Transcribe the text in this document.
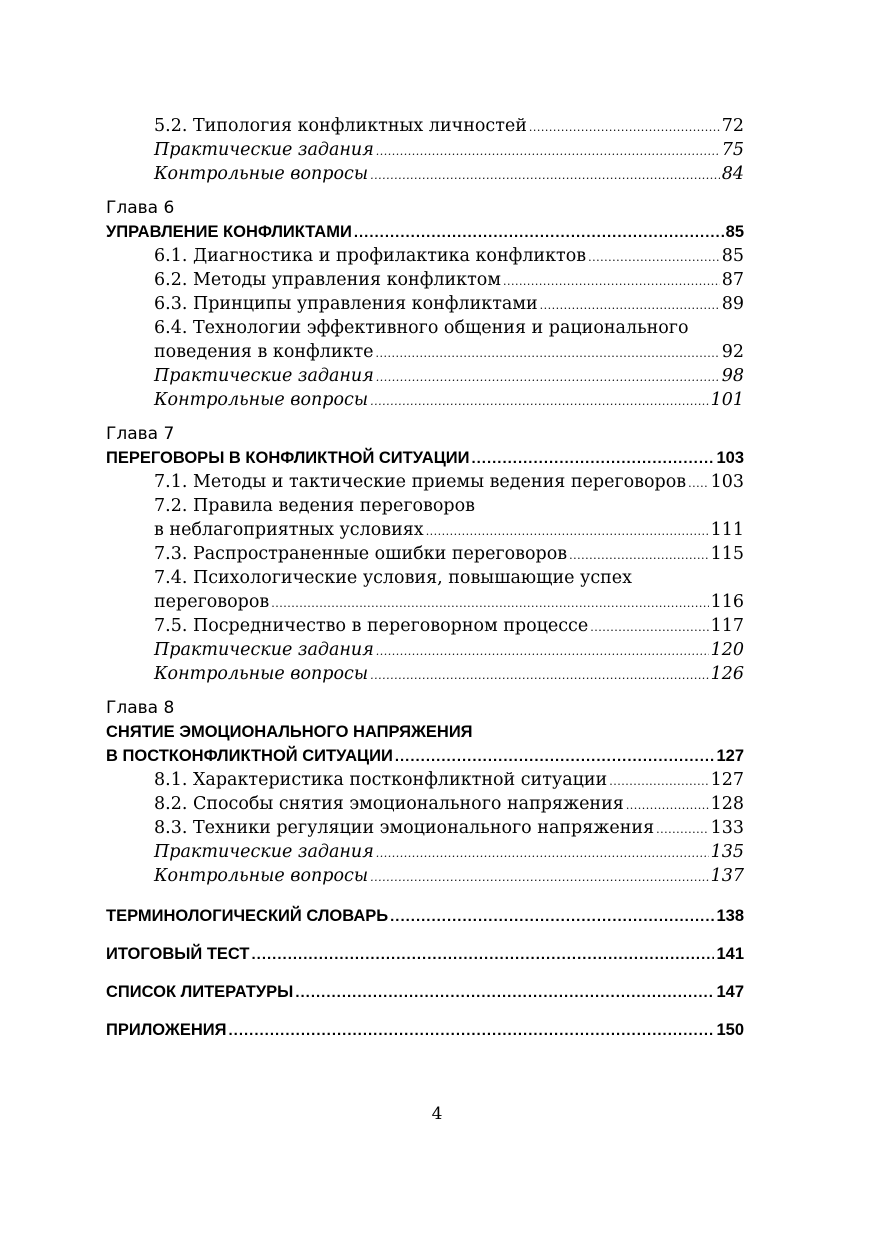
5.2. Типология конфликтных личностей .....	72
Практические задания .....	75
Контрольные вопросы .....	84
Глава 6
УПРАВЛЕНИЕ КОНФЛИКТАМИ .....	85
6.1. Диагностика и профилактика конфликтов .....	85
6.2. Методы управления конфликтом .....	87
6.3. Принципы управления конфликтами .....	89
6.4. Технологии эффективного общения и рационального
поведения в конфликте .....	92
Практические задания .....	98
Контрольные вопросы .....	101
Глава 7
ПЕРЕГОВОРЫ В КОНФЛИКТНОЙ СИТУАЦИИ .....	103
7.1. Методы и тактические приемы ведения переговоров ..... 103
7.2. Правила ведения переговоров
в неблагоприятных условиях .....	111
7.3. Распространенные ошибки переговоров .....	115
7.4. Психологические условия, повышающие успех
переговоров .....	116
7.5. Посредничество в переговорном процессе .....	117
Практические задания .....	120
Контрольные вопросы .....	126
Глава 8
СНЯТИЕ ЭМОЦИОНАЛЬНОГО НАПРЯЖЕНИЯ
В ПОСТКОНФЛИКТНОЙ СИТУАЦИИ .....	127
8.1. Характеристика постконфликтной ситуации .....	127
8.2. Способы снятия эмоционального напряжения .....	128
8.3. Техники регуляции эмоционального напряжения .....	133
Практические задания .....	135
Контрольные вопросы .....	137
ТЕРМИНОЛОГИЧЕСКИЙ СЛОВАРЬ .....	138
ИТОГОВЫЙ ТЕСТ .....	141
СПИСОК ЛИТЕРАТУРЫ .....	147
ПРИЛОЖЕНИЯ .....	150
4
